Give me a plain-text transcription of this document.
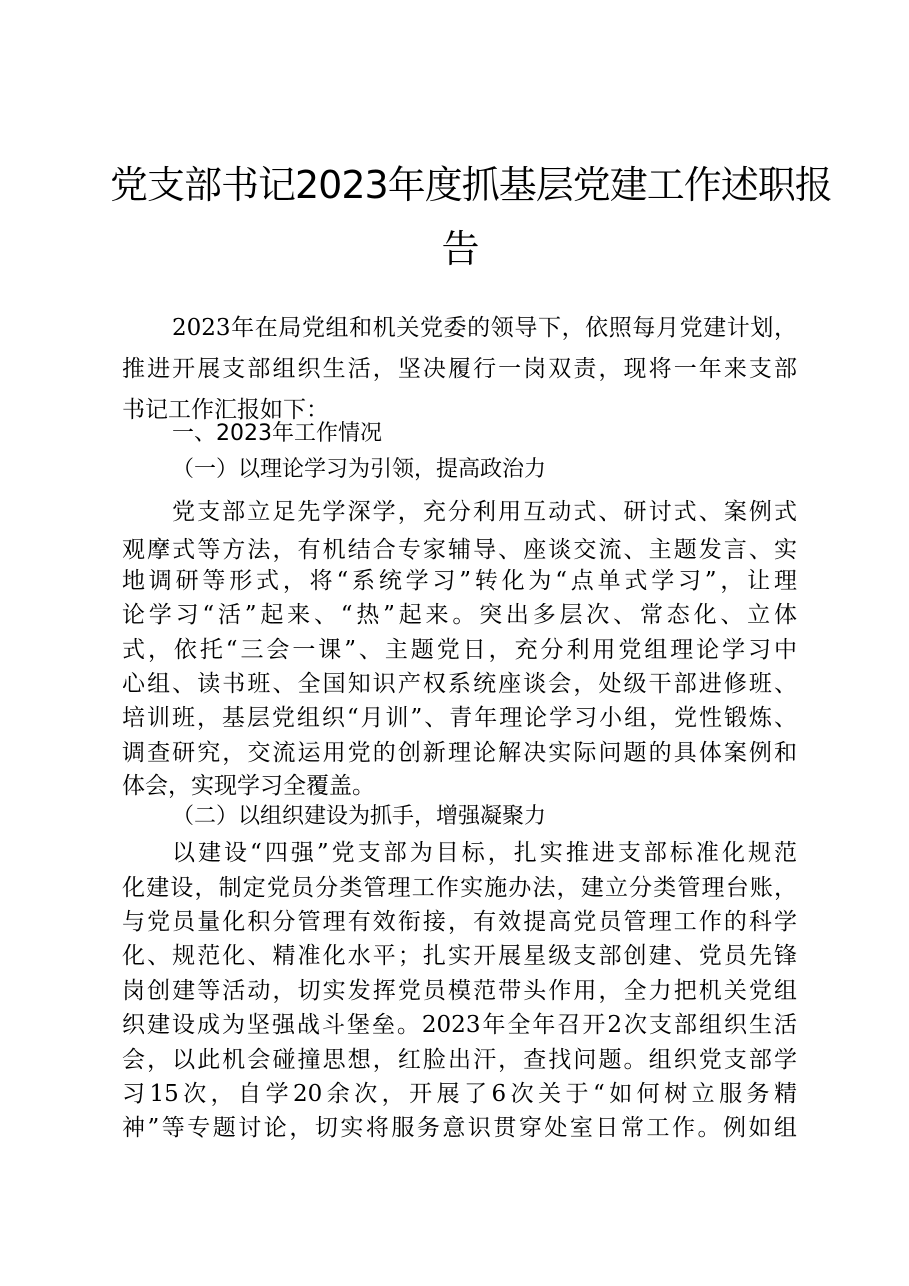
党支部书记2023年度抓基层党建工作述职报
告
2023年在局党组和机关党委的领导下，依照每月党建计划，
推进开展支部组织生活，坚决履行一岗双责，现将一年来支部
书记工作汇报如下：
一、2023年工作情况
（一）以理论学习为引领，提高政治力
党支部立足先学深学，充分利用互动式、研讨式、案例式
观摩式等方法，有机结合专家辅导、座谈交流、主题发言、实
地调研等形式，将“系统学习”转化为“点单式学习”，让理
论学习“活”起来、“热”起来。突出多层次、常态化、立体
式，依托“三会一课”、主题党日，充分利用党组理论学习中
心组、读书班、全国知识产权系统座谈会，处级干部进修班、
培训班，基层党组织“月训”、青年理论学习小组，党性锻炼、
调查研究，交流运用党的创新理论解决实际问题的具体案例和
体会，实现学习全覆盖。
（二）以组织建设为抓手，增强凝聚力
以建设“四强”党支部为目标，扎实推进支部标准化规范
化建设，制定党员分类管理工作实施办法，建立分类管理台账，
与党员量化积分管理有效衔接，有效提高党员管理工作的科学
化、规范化、精准化水平；扎实开展星级支部创建、党员先锋
岗创建等活动，切实发挥党员模范带头作用，全力把机关党组
织建设成为坚强战斗堡垒。2023年全年召开2次支部组织生活
会，以此机会碰撞思想，红脸出汗，查找问题。组织党支部学
习15次，自学20余次，开展了6次关于“如何树立服务精
神”等专题讨论，切实将服务意识贯穿处室日常工作。例如组
